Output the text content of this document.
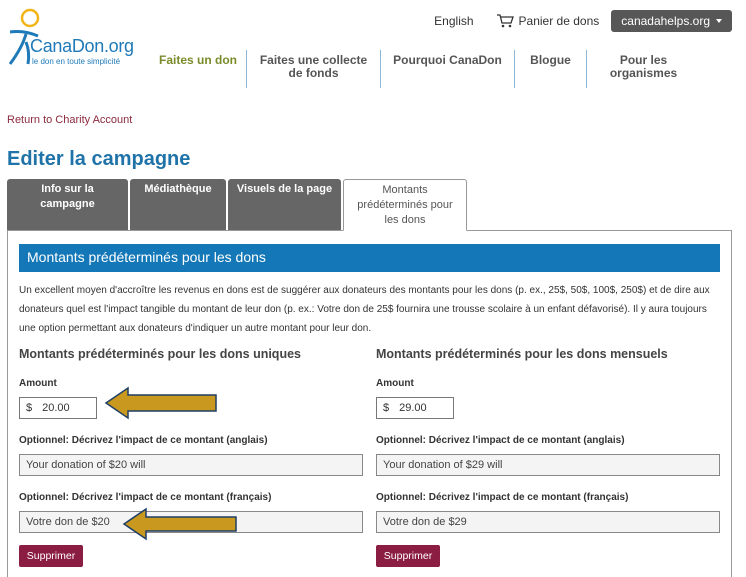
CanaDon.org
le don en toute simplicité
English	Panier de dons canadahelps.org
Faites un don	Faites une collecte de fonds
Pourquoi CanaDon	Blogue	Pour les organismes
Return to Charity Account
Editer la campagne
Info sur la campagne
Médiathèque	Visuels de la page	Montants prédéterminés pour les dons
Montants prédéterminés pour les dons
Un excellent moyen d'accroître les revenus en dons est de suggérer aux donateurs des montants pour les dons (p. ex., 25$, 50$, 100$, 250$) et de dire aux donateurs quel est l'impact tangible du montant de leur don (p. ex.: Votre don de 25$ fournira une trousse scolaire à un enfant défavorisé). Il y aura toujours une option permettant aux donateurs d'indiquer un autre montant pour leur don.
Montants prédéterminés pour les dons uniques
Amount
$ 20.00
Optionnel: Décrivez l'impact de ce montant (anglais)
Your donation of $20 will
Optionnel: Décrivez l'impact de ce montant (français)
Votre don de $20
Supprimer
Montants prédéterminés pour les dons mensuels
Amount
$ 29.00
Optionnel: Décrivez l'impact de ce montant (anglais)
Your donation of $29 will
Optionnel: Décrivez l'impact de ce montant (français)
Votre don de $29
Supprimer
